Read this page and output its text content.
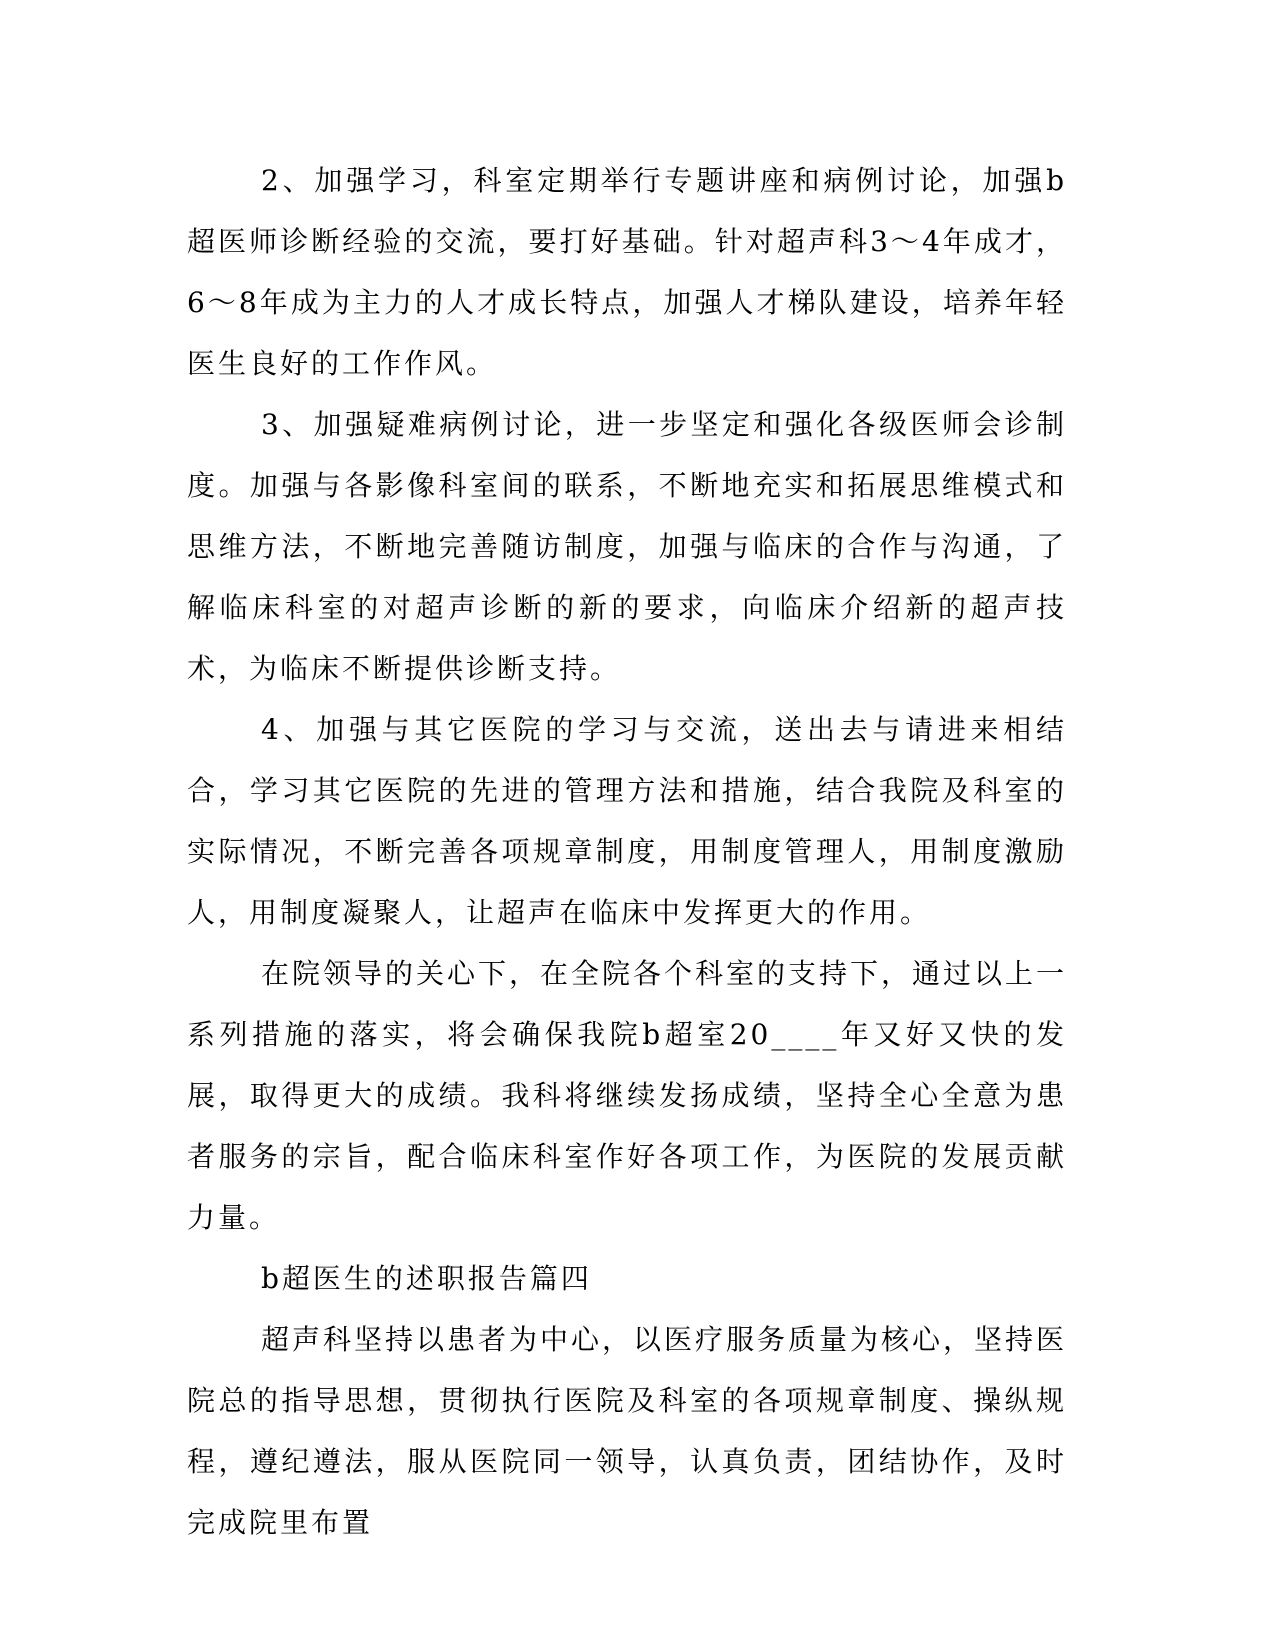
2、加强学习，科室定期举行专题讲座和病例讨论，加强b超医师诊断经验的交流，要打好基础。针对超声科3～4年成才，6～8年成为主力的人才成长特点，加强人才梯队建设，培养年轻医生良好的工作作风。

3、加强疑难病例讨论，进一步坚定和强化各级医师会诊制度。加强与各影像科室间的联系，不断地充实和拓展思维模式和思维方法，不断地完善随访制度，加强与临床的合作与沟通，了解临床科室的对超声诊断的新的要求，向临床介绍新的超声技术，为临床不断提供诊断支持。

4、加强与其它医院的学习与交流，送出去与请进来相结合，学习其它医院的先进的管理方法和措施，结合我院及科室的实际情况，不断完善各项规章制度，用制度管理人，用制度激励人，用制度凝聚人，让超声在临床中发挥更大的作用。

在院领导的关心下，在全院各个科室的支持下，通过以上一系列措施的落实，将会确保我院b超室20____年又好又快的发展，取得更大的成绩。我科将继续发扬成绩，坚持全心全意为患者服务的宗旨，配合临床科室作好各项工作，为医院的发展贡献力量。

b超医生的述职报告篇四

超声科坚持以患者为中心，以医疗服务质量为核心，坚持医院总的指导思想，贯彻执行医院及科室的各项规章制度、操纵规程，遵纪遵法，服从医院同一领导，认真负责，团结协作，及时完成院里布置
